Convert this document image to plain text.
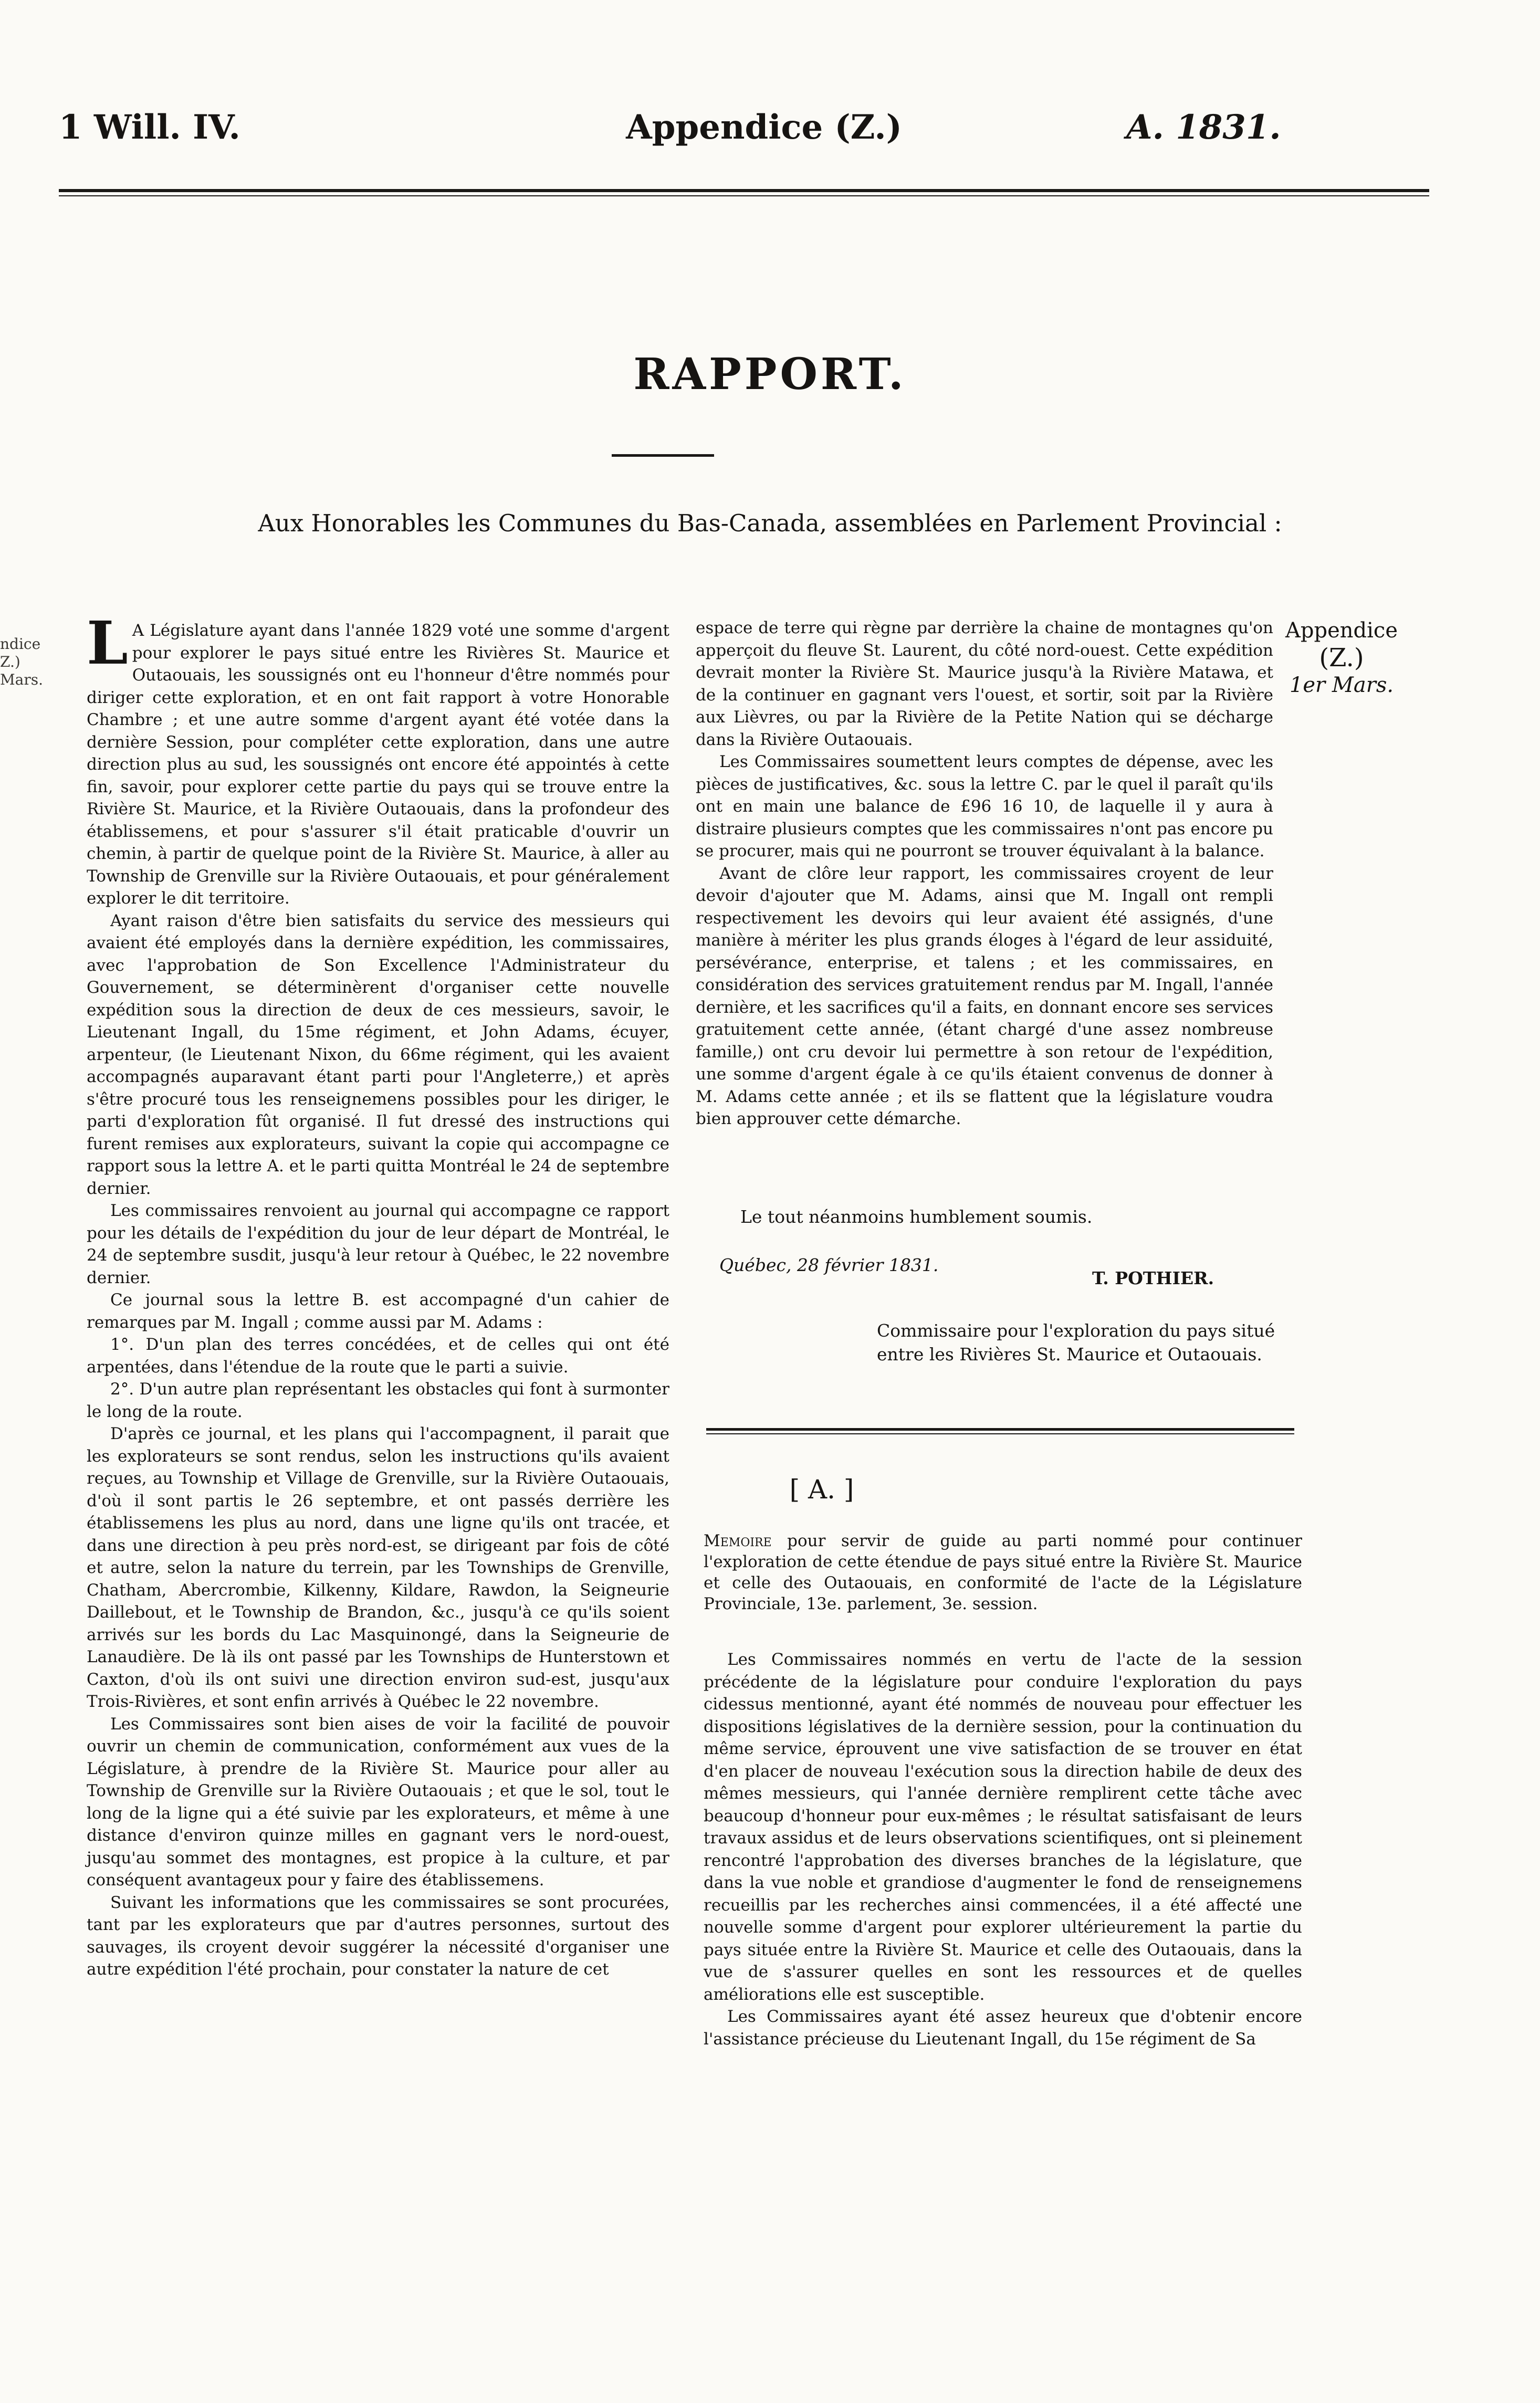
1 Will. IV.	Appendice (Z.)	A. 1831.
RAPPORT.
Aux Honorables les Communes du Bas-Canada, assemblées en Parlement Provincial :
ndice
Z.)
Mars.
Appendice
(Z.)
1er Mars.

L A Législature ayant dans l'année 1829 voté une somme d'argent pour explorer le pays situé entre les Rivières St. Maurice et Outaouais, les soussignés ont eu l'honneur d'être nommés pour diriger cette exploration, et en ont fait rapport à votre Honorable Chambre ; et une autre somme d'argent ayant été votée dans la dernière Session, pour compléter cette exploration, dans une autre direction plus au sud, les soussignés ont encore été appointés à cette fin, savoir, pour explorer cette partie du pays qui se trouve entre la Rivière St. Maurice, et la Rivière Outaouais, dans la profondeur des établissemens, et pour s'assurer s'il était praticable d'ouvrir un chemin, à partir de quelque point de la Rivière St. Maurice, à aller au Township de Grenville sur la Rivière Outaouais, et pour généralement explorer le dit territoire.

Ayant raison d'être bien satisfaits du service des messieurs qui avaient été employés dans la dernière expédition, les commissaires, avec l'approbation de Son Excellence l'Administrateur du Gouvernement, se déterminèrent d'organiser cette nouvelle expédition sous la direction de deux de ces messieurs, savoir, le Lieutenant Ingall, du 15me régiment, et John Adams, écuyer, arpenteur, (le Lieutenant Nixon, du 66me régiment, qui les avaient accompagnés auparavant étant parti pour l'Angleterre,) et après s'être procuré tous les renseignemens possibles pour les diriger, le parti d'exploration fût organisé. Il fut dressé des instructions qui furent remises aux explorateurs, suivant la copie qui accompagne ce rapport sous la lettre A. et le parti quitta Montréal le 24 de septembre dernier.

Les commissaires renvoient au journal qui accompagne ce rapport pour les détails de l'expédition du jour de leur départ de Montréal, le 24 de septembre susdit, jusqu'à leur retour à Québec, le 22 novembre dernier.

Ce journal sous la lettre B. est accompagné d'un cahier de remarques par M. Ingall ; comme aussi par M. Adams :

1°. D'un plan des terres concédées, et de celles qui ont été arpentées, dans l'étendue de la route que le parti a suivie.

2°. D'un autre plan représentant les obstacles qui font à surmonter le long de la route.

D'après ce journal, et les plans qui l'accompagnent, il parait que les explorateurs se sont rendus, selon les instructions qu'ils avaient reçues, au Township et Village de Grenville, sur la Rivière Outaouais, d'où il sont partis le 26 septembre, et ont passés derrière les établissemens les plus au nord, dans une ligne qu'ils ont tracée, et dans une direction à peu près nord-est, se dirigeant par fois de côté et autre, selon la nature du terrein, par les Townships de Grenville, Chatham, Abercrombie, Kilkenny, Kildare, Rawdon, la Seigneurie Daillebout, et le Township de Brandon, &c., jusqu'à ce qu'ils soient arrivés sur les bords du Lac Masquinongé, dans la Seigneurie de Lanaudière. De là ils ont passé par les Townships de Hunterstown et Caxton, d'où ils ont suivi une direction environ sud-est, jusqu'aux Trois-Rivières, et sont enfin arrivés à Québec le 22 novembre.

Les Commissaires sont bien aises de voir la facilité de pouvoir ouvrir un chemin de communication, conformément aux vues de la Législature, à prendre de la Rivière St. Maurice pour aller au Township de Grenville sur la Rivière Outaouais ; et que le sol, tout le long de la ligne qui a été suivie par les explorateurs, et même à une distance d'environ quinze milles en gagnant vers le nord-ouest, jusqu'au sommet des montagnes, est propice à la culture, et par conséquent avantageux pour y faire des établissemens.

Suivant les informations que les commissaires se sont procurées, tant par les explorateurs que par d'autres personnes, surtout des sauvages, ils croyent devoir suggérer la nécessité d'organiser une autre expédition l'été prochain, pour constater la nature de cet

espace de terre qui règne par derrière la chaine de montagnes qu'on apperçoit du fleuve St. Laurent, du côté nord-ouest. Cette expédition devrait monter la Rivière St. Maurice jusqu'à la Rivière Matawa, et de la continuer en gagnant vers l'ouest, et sortir, soit par la Rivière aux Lièvres, ou par la Rivière de la Petite Nation qui se décharge dans la Rivière Outaouais.

Les Commissaires soumettent leurs comptes de dépense, avec les pièces de justificatives, &c. sous la lettre C. par le quel il paraît qu'ils ont en main une balance de £96 16 10, de laquelle il y aura à distraire plusieurs comptes que les commissaires n'ont pas encore pu se procurer, mais qui ne pourront se trouver équivalant à la balance.

Avant de clôre leur rapport, les commissaires croyent de leur devoir d'ajouter que M. Adams, ainsi que M. Ingall ont rempli respectivement les devoirs qui leur avaient été assignés, d'une manière à mériter les plus grands éloges à l'égard de leur assiduité, persévérance, enterprise, et talens ; et les commissaires, en considération des services gratuitement rendus par M. Ingall, l'année dernière, et les sacrifices qu'il a faits, en donnant encore ses services gratuitement cette année, (étant chargé d'une assez nombreuse famille,) ont cru devoir lui permettre à son retour de l'expédition, une somme d'argent égale à ce qu'ils étaient convenus de donner à M. Adams cette année ; et ils se flattent que la législature voudra bien approuver cette démarche.

Le tout néanmoins humblement soumis.
Québec, 28 février 1831.
T. POTHIER.
Commissaire pour l'exploration du pays situé
entre les Rivières St. Maurice et Outaouais.
[ A. ]
Memoire pour servir de guide au parti nommé pour continuer l'exploration de cette étendue de pays situé entre la Rivière St. Maurice et celle des Outaouais, en conformité de l'acte de la Législature Provinciale, 13e. parlement, 3e. session.

Les Commissaires nommés en vertu de l'acte de la session précédente de la législature pour conduire l'exploration du pays cidessus mentionné, ayant été nommés de nouveau pour effectuer les dispositions législatives de la dernière session, pour la continuation du même service, éprouvent une vive satisfaction de se trouver en état d'en placer de nouveau l'exécution sous la direction habile de deux des mêmes messieurs, qui l'année dernière remplirent cette tâche avec beaucoup d'honneur pour eux-mêmes ; le résultat satisfaisant de leurs travaux assidus et de leurs observations scientifiques, ont si pleinement rencontré l'approbation des diverses branches de la législature, que dans la vue noble et grandiose d'augmenter le fond de renseignemens recueillis par les recherches ainsi commencées, il a été affecté une nouvelle somme d'argent pour explorer ultérieurement la partie du pays située entre la Rivière St. Maurice et celle des Outaouais, dans la vue de s'assurer quelles en sont les ressources et de quelles améliorations elle est susceptible.

Les Commissaires ayant été assez heureux que d'obtenir encore l'assistance précieuse du Lieutenant Ingall, du 15e régiment de Sa
